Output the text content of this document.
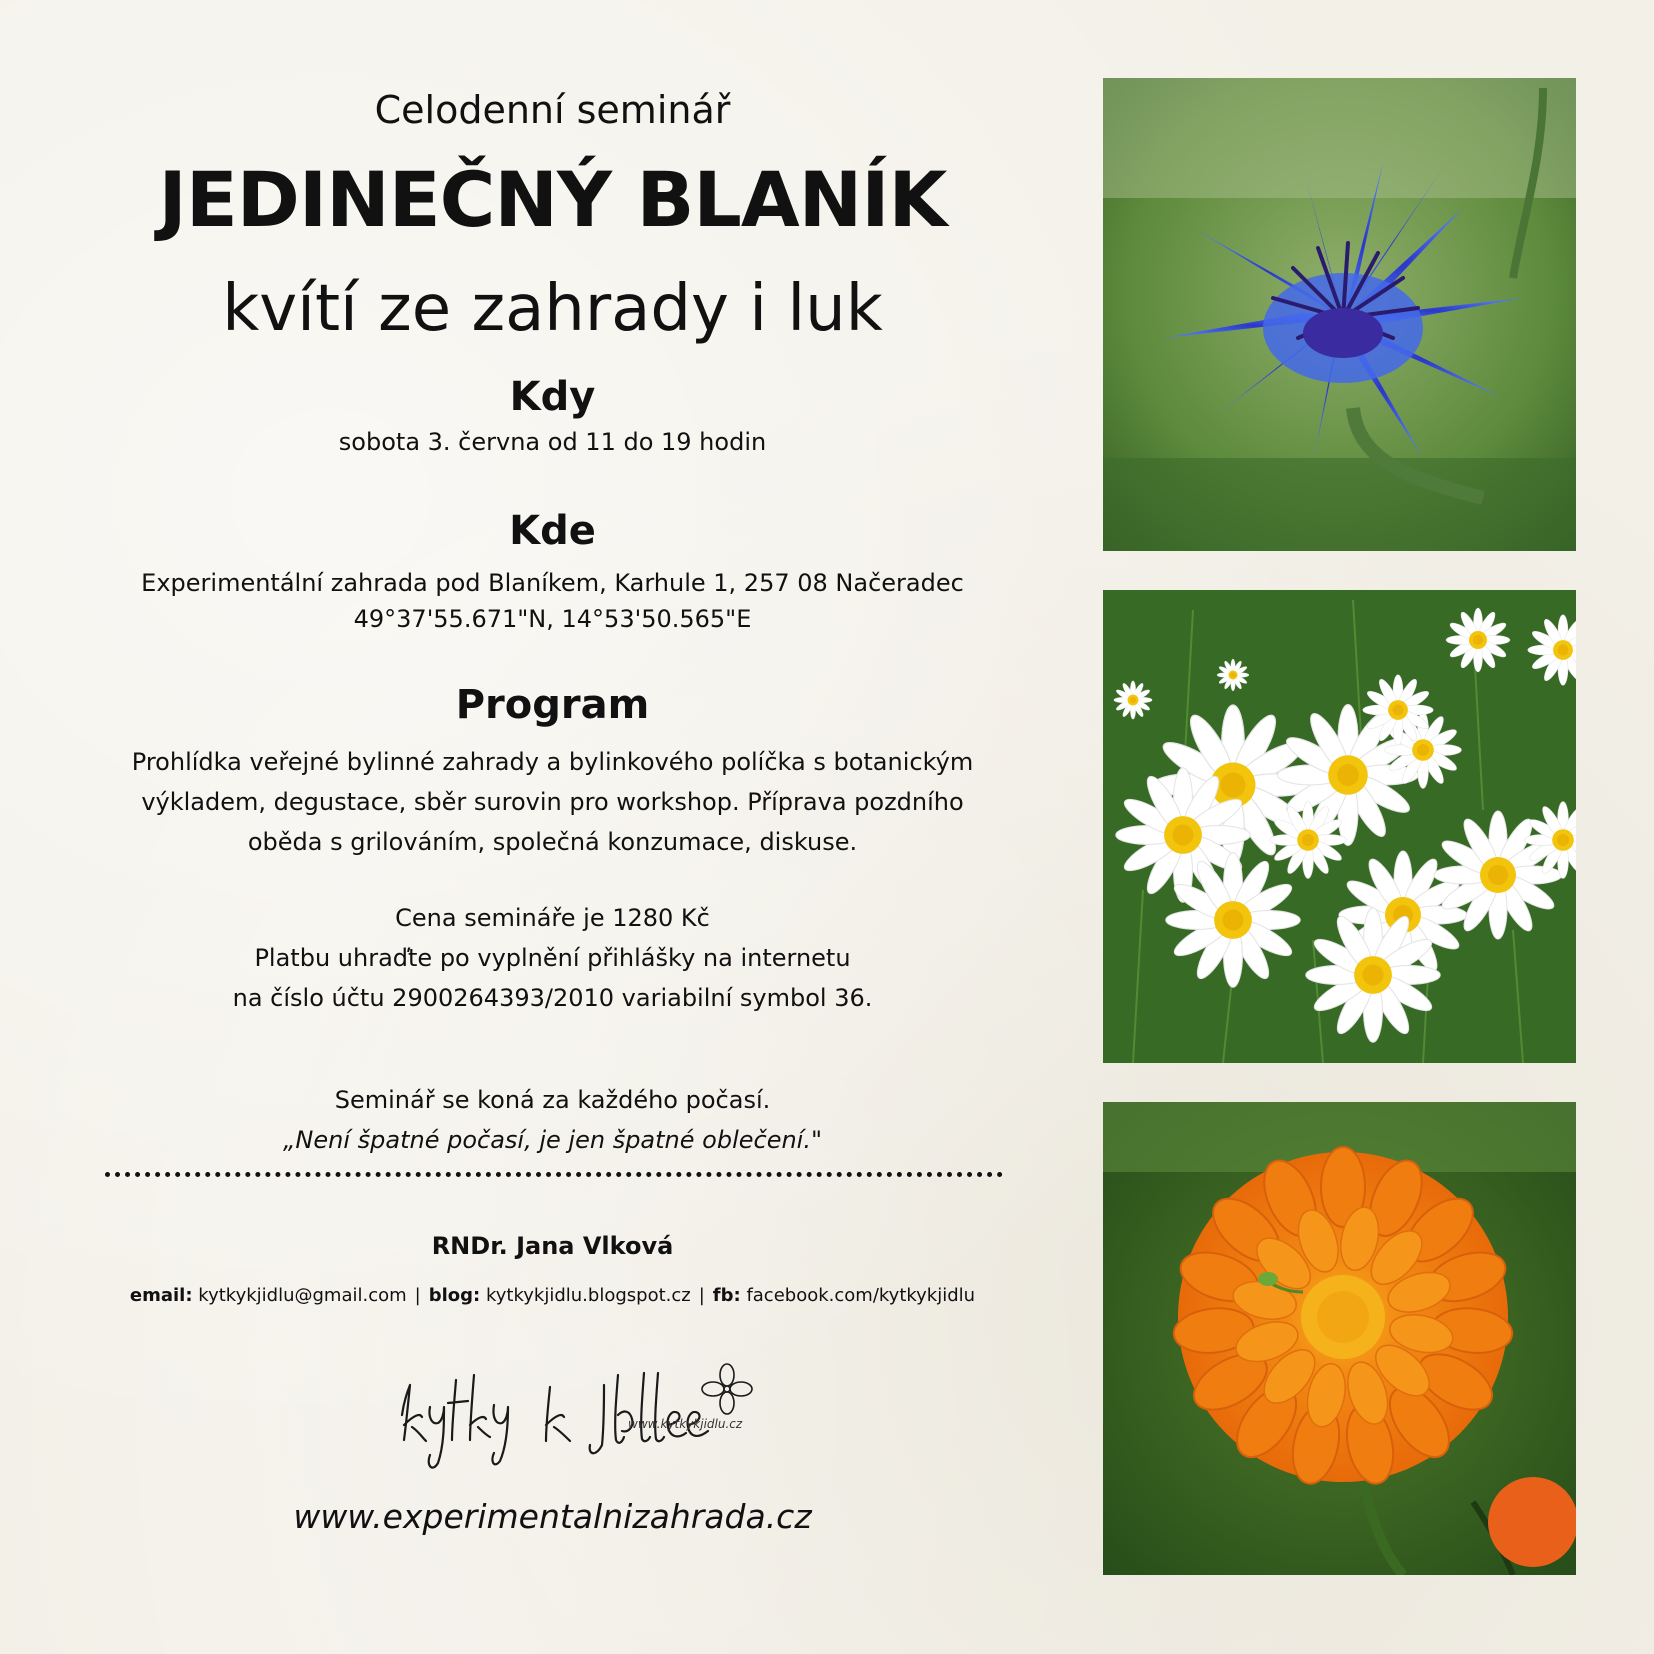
Celodenní seminář
JEDINEČNÝ BLANÍK
kvítí ze zahrady i luk
Kdy
sobota 3. června od 11 do 19 hodin
Kde
Experimentální zahrada pod Blaníkem, Karhule 1, 257 08 Načeradec
49°37'55.671"N, 14°53'50.565"E
Program
Prohlídka veřejné bylinné zahrady a bylinkového políčka s botanickým
výkladem, degustace, sběr surovin pro workshop. Příprava pozdního
oběda s grilováním, společná konzumace, diskuse.
Cena semináře je 1280 Kč
Platbu uhraďte po vyplnění přihlášky na internetu
na číslo účtu 2900264393/2010 variabilní symbol 36.
Seminář se koná za každého počasí.
„Není špatné počasí, je jen špatné oblečení."
RNDr. Jana Vlková
email: kytkykjidlu@gmail.com | blog: kytkykjidlu.blogspot.cz | fb: facebook.com/kytkykjidlu
www.kytkykjidlu.cz
www.experimentalnizahrada.cz
